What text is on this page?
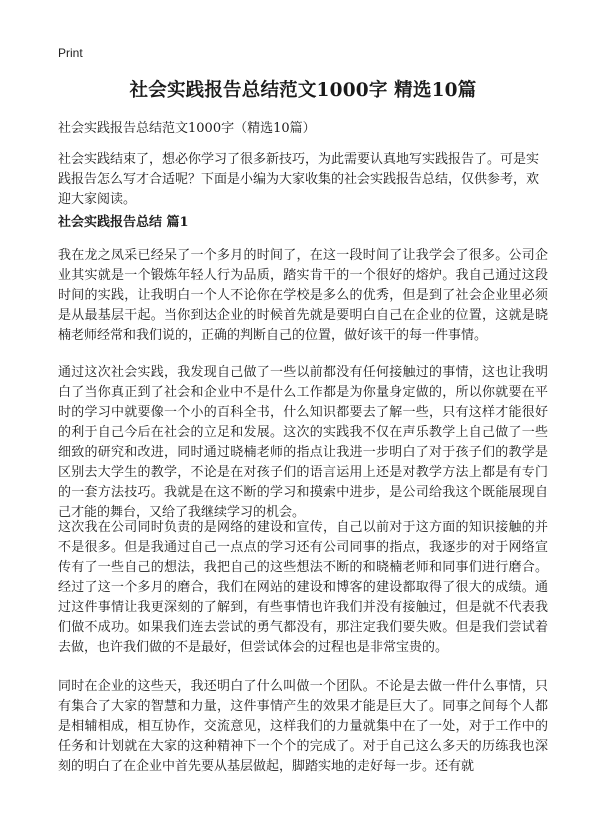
Print
社会实践报告总结范文1000字 精选10篇

社会实践报告总结范文1000字（精选10篇）

社会实践结束了，想必你学习了很多新技巧，为此需要认真地写实践报告了。可是实践报告怎么写才合适呢？下面是小编为大家收集的社会实践报告总结，仅供参考，欢迎大家阅读。

社会实践报告总结 篇1

我在龙之凤采已经呆了一个多月的时间了，在这一段时间了让我学会了很多。公司企业其实就是一个锻炼年轻人行为品质，踏实肯干的一个很好的熔炉。我自己通过这段时间的实践，让我明白一个人不论你在学校是多么的优秀，但是到了社会企业里必须是从最基层干起。当你到达企业的时候首先就是要明白自己在企业的位置，这就是晓楠老师经常和我们说的，正确的判断自己的位置，做好该干的每一件事情。

通过这次社会实践，我发现自己做了一些以前都没有任何接触过的事情，这也让我明白了当你真正到了社会和企业中不是什么工作都是为你量身定做的，所以你就要在平时的学习中就要像一个小的百科全书，什么知识都要去了解一些，只有这样才能很好的利于自己今后在社会的立足和发展。这次的实践我不仅在声乐教学上自己做了一些细致的研究和改进，同时通过晓楠老师的指点让我进一步明白了对于孩子们的教学是区别去大学生的教学，不论是在对孩子们的语言运用上还是对教学方法上都是有专门的一套方法技巧。我就是在这不断的学习和摸索中进步，是公司给我这个既能展现自己才能的舞台，又给了我继续学习的机会。

这次我在公司同时负责的是网络的建设和宣传，自己以前对于这方面的知识接触的并不是很多。但是我通过自己一点点的学习还有公司同事的指点，我逐步的对于网络宣传有了一些自己的想法，我把自己的这些想法不断的和晓楠老师和同事们进行磨合。经过了这一个多月的磨合，我们在网站的建设和博客的建设都取得了很大的成绩。通过这件事情让我更深刻的了解到，有些事情也许我们并没有接触过，但是就不代表我们做不成功。如果我们连去尝试的勇气都没有，那注定我们要失败。但是我们尝试着去做，也许我们做的不是最好，但尝试体会的过程也是非常宝贵的。

同时在企业的这些天，我还明白了什么叫做一个团队。不论是去做一件什么事情，只有集合了大家的智慧和力量，这件事情产生的效果才能是巨大了。同事之间每个人都是相辅相成，相互协作，交流意见，这样我们的力量就集中在了一处，对于工作中的任务和计划就在大家的这种精神下一个个的完成了。对于自己这么多天的历练我也深刻的明白了在企业中首先要从基层做起，脚踏实地的走好每一步。还有就
